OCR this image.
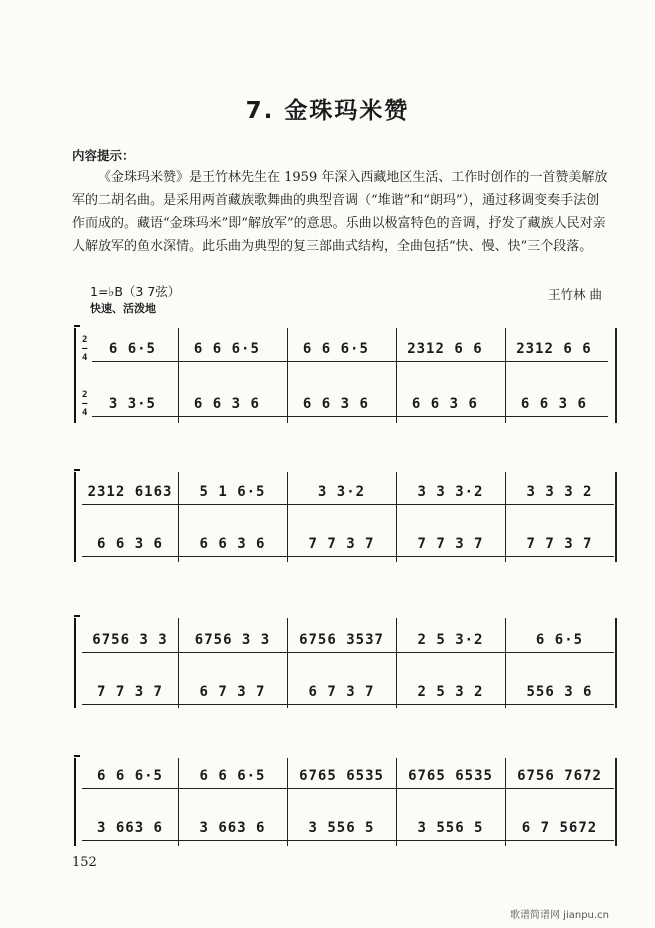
7. 金珠玛米赞
内容提示：

《金珠玛米赞》是王竹林先生在 1959 年深入西藏地区生活、工作时创作的一首赞美解放军的二胡名曲。是采用两首藏族歌舞曲的典型音调（“堆谐”和“朗玛”），通过移调变奏手法创作而成的。藏语“金珠玛米”即“解放军”的意思。乐曲以极富特色的音调，抒发了藏族人民对亲人解放军的鱼水深情。此乐曲为典型的复三部曲式结构，全曲包括“快、慢、快”三个段落。

1=♭B（3 7弦）
快速、活泼地
王竹林 曲
2
—
4
6 6·5	6 6 6·5	6 6 6·5	2312 6 6	2312 6 6
2
—
4
3 3·5	6 6 3 6	6 6 3 6	6 6 3 6	6 6 3 6
2312 6163	5 1 6·5	3 3·2	3 3 3·2	3 3 3 2
6 6 3 6	6 6 3 6	7 7 3 7	7 7 3 7	7 7 3 7
6756 3 3	6756 3 3	6756 3537	2 5 3·2	6 6·5
7 7 3 7	6 7 3 7	6 7 3 7	2 5 3 2	556 3 6
6 6 6·5	6 6 6·5	6765 6535	6765 6535	6756 7672
3 663 6	3 663 6	3 556 5	3 556 5	6 7 5672
152
歌谱简谱网 jianpu.cn
